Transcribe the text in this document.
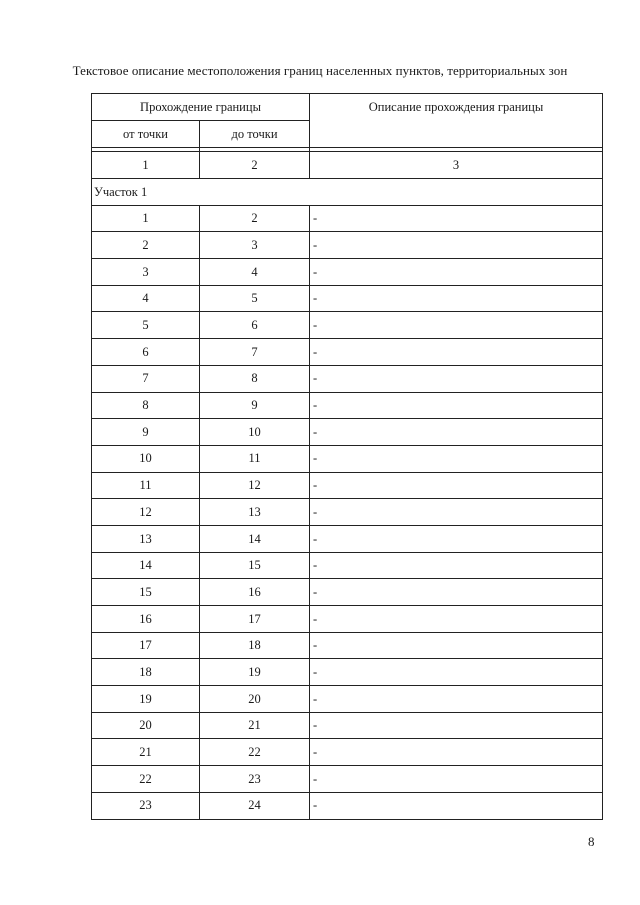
Текстовое описание местоположения границ населенных пунктов, территориальных зон
Прохождение границы		Описание прохождения границы
от точки	до точки	

1	2	3
Участок 1		
1	2	-
2	3	-
3	4	-
4	5	-
5	6	-
6	7	-
7	8	-
8	9	-
9	10	-
10	11	-
11	12	-
12	13	-
13	14	-
14	15	-
15	16	-
16	17	-
17	18	-
18	19	-
19	20	-
20	21	-
21	22	-
22	23	-
23	24	-
8
